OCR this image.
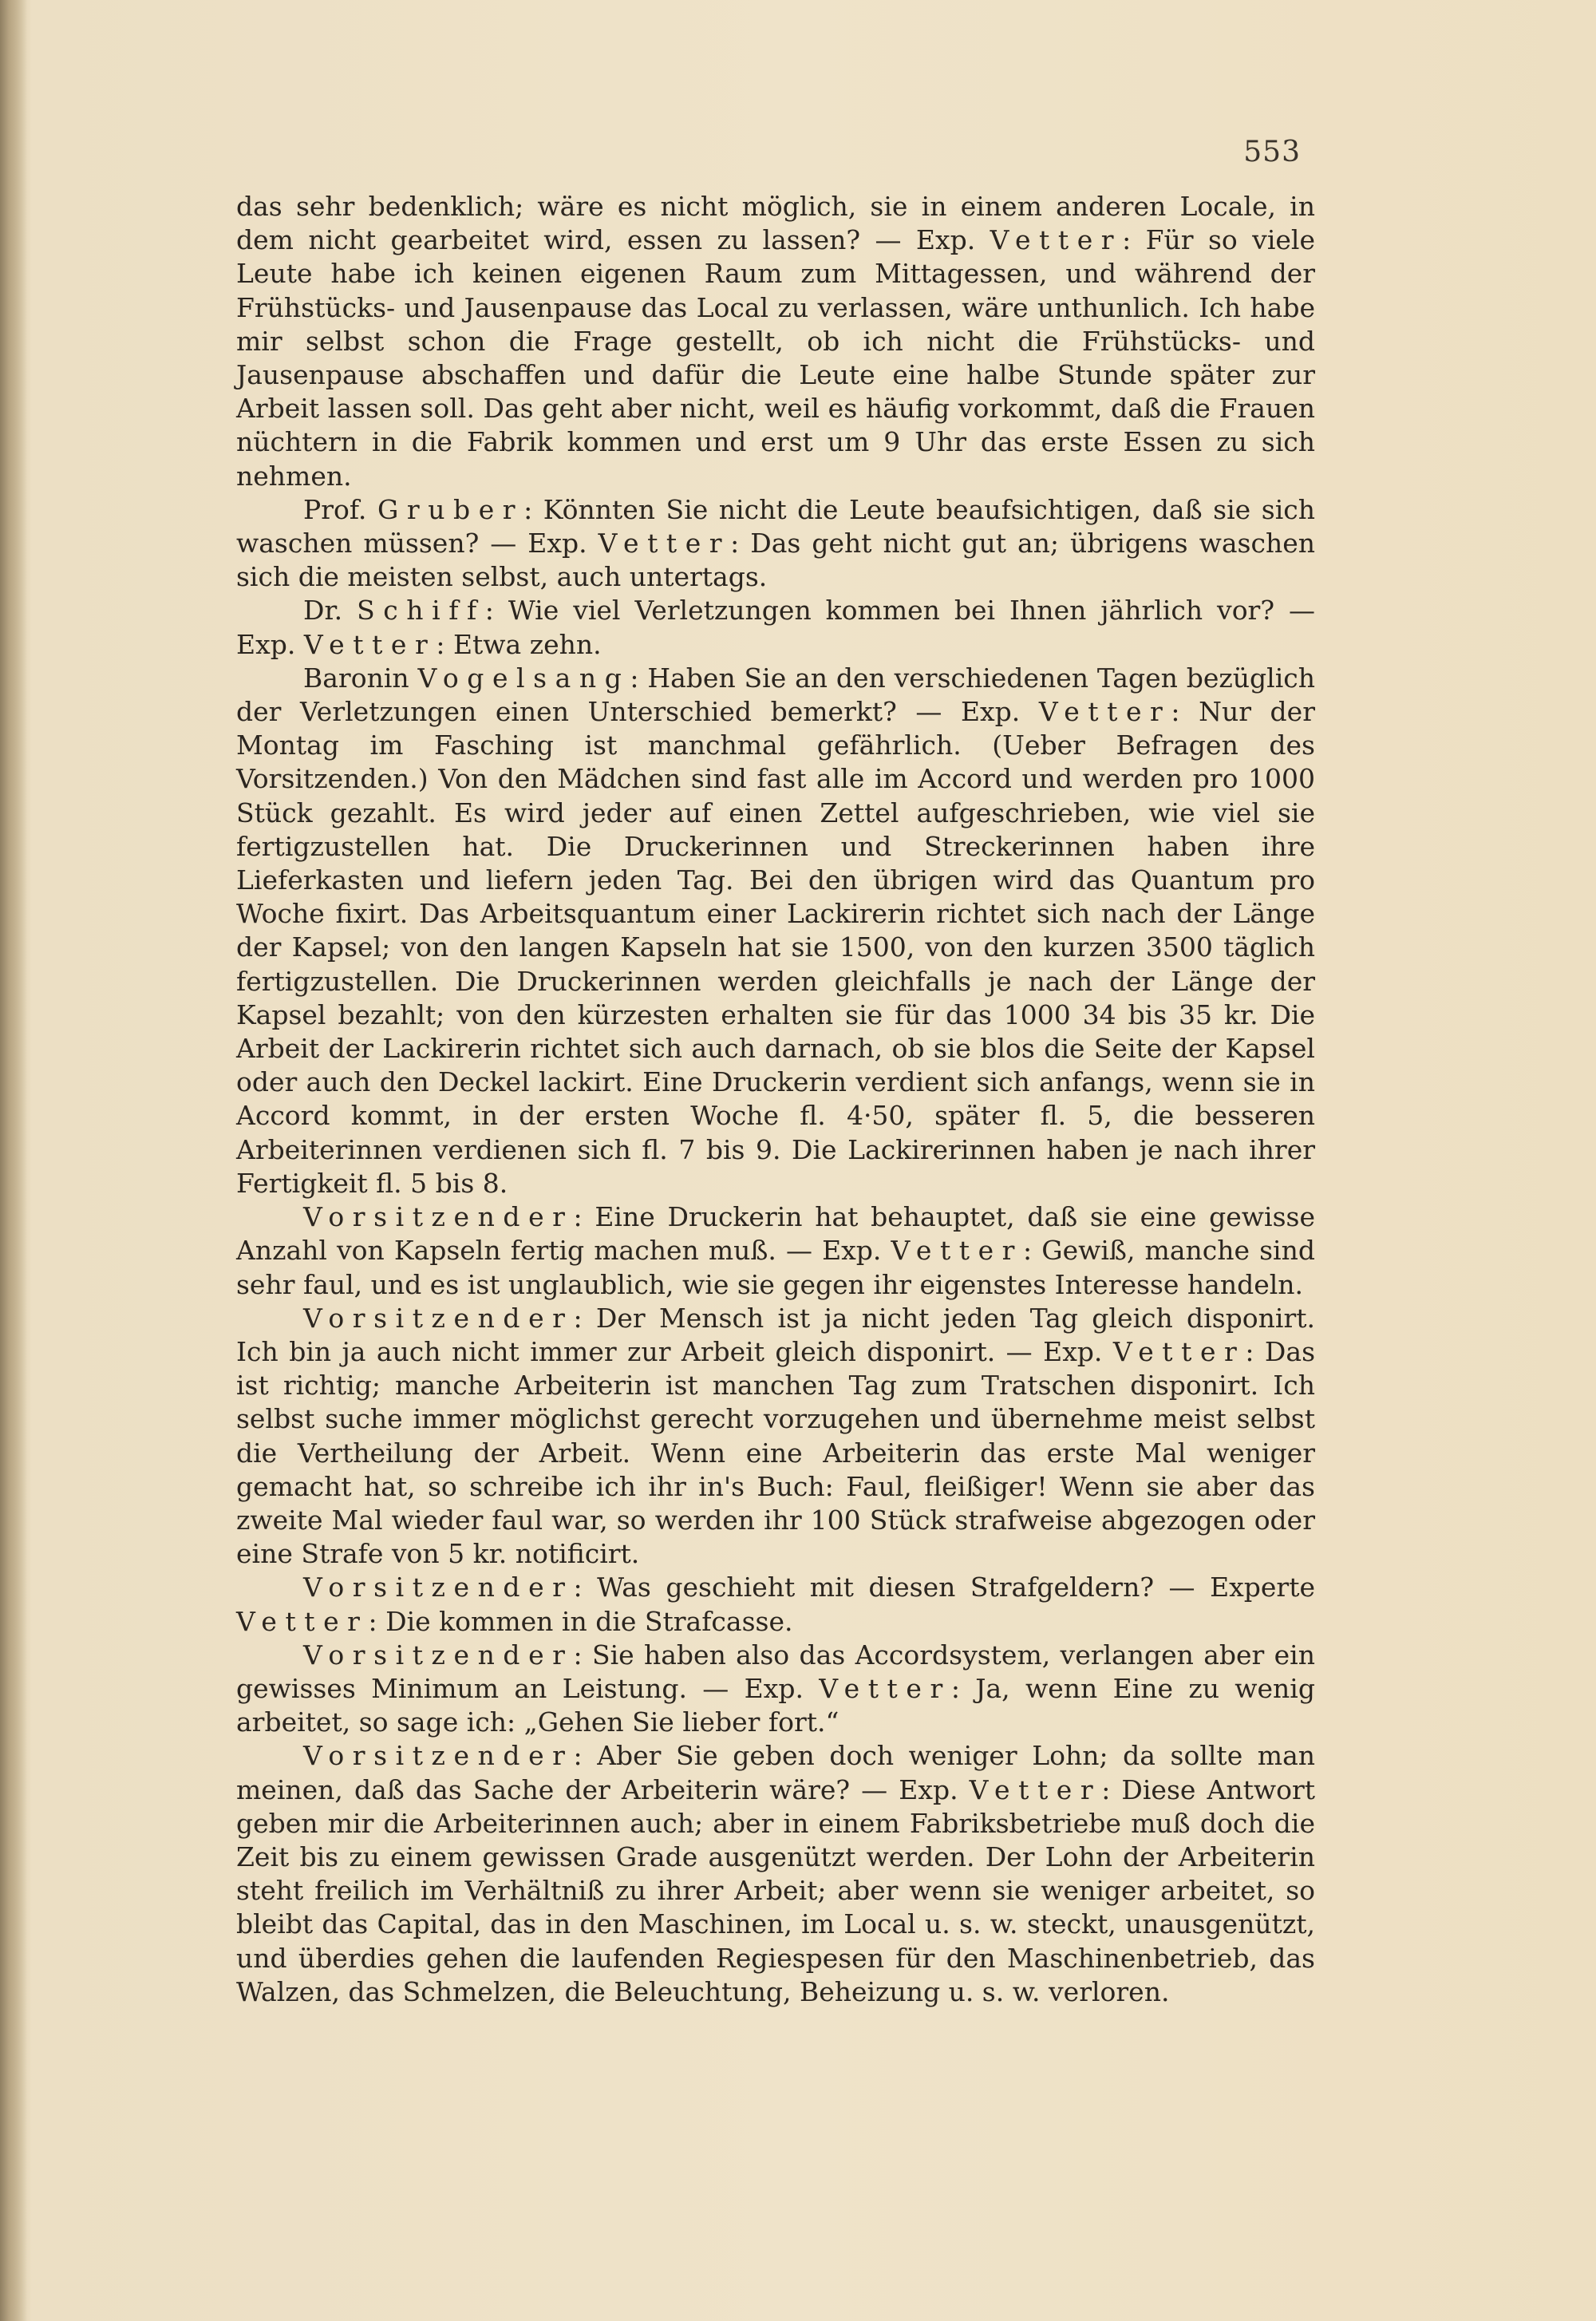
553

das sehr bedenklich; wäre es nicht möglich, sie in einem anderen Locale, in dem nicht gearbeitet wird, essen zu lassen? — Exp. Vetter: Für so viele Leute habe ich keinen eigenen Raum zum Mittagessen, und während der Frühstücks- und Jausenpause das Local zu verlassen, wäre unthunlich. Ich habe mir selbst schon die Frage gestellt, ob ich nicht die Frühstücks- und Jausenpause abschaffen und dafür die Leute eine halbe Stunde später zur Arbeit lassen soll. Das geht aber nicht, weil es häufig vorkommt, daß die Frauen nüchtern in die Fabrik kommen und erst um 9 Uhr das erste Essen zu sich nehmen.

Prof. Gruber: Könnten Sie nicht die Leute beaufsichtigen, daß sie sich waschen müssen? — Exp. Vetter: Das geht nicht gut an; übrigens waschen sich die meisten selbst, auch untertags.

Dr. Schiff: Wie viel Verletzungen kommen bei Ihnen jährlich vor? — Exp. Vetter: Etwa zehn.

Baronin Vogelsang: Haben Sie an den verschiedenen Tagen bezüglich der Verletzungen einen Unterschied bemerkt? — Exp. Vetter: Nur der Montag im Fasching ist manchmal gefährlich. (Ueber Befragen des Vorsitzenden.) Von den Mädchen sind fast alle im Accord und werden pro 1000 Stück gezahlt. Es wird jeder auf einen Zettel aufgeschrieben, wie viel sie fertigzustellen hat. Die Druckerinnen und Streckerinnen haben ihre Lieferkasten und liefern jeden Tag. Bei den übrigen wird das Quantum pro Woche fixirt. Das Arbeitsquantum einer Lackirerin richtet sich nach der Länge der Kapsel; von den langen Kapseln hat sie 1500, von den kurzen 3500 täglich fertigzustellen. Die Druckerinnen werden gleichfalls je nach der Länge der Kapsel bezahlt; von den kürzesten erhalten sie für das 1000 34 bis 35 kr. Die Arbeit der Lackirerin richtet sich auch darnach, ob sie blos die Seite der Kapsel oder auch den Deckel lackirt. Eine Druckerin verdient sich anfangs, wenn sie in Accord kommt, in der ersten Woche fl. 4·50, später fl. 5, die besseren Arbeiterinnen verdienen sich fl. 7 bis 9. Die Lackirerinnen haben je nach ihrer Fertigkeit fl. 5 bis 8.

Vorsitzender: Eine Druckerin hat behauptet, daß sie eine gewisse Anzahl von Kapseln fertig machen muß. — Exp. Vetter: Gewiß, manche sind sehr faul, und es ist unglaublich, wie sie gegen ihr eigenstes Interesse handeln.

Vorsitzender: Der Mensch ist ja nicht jeden Tag gleich disponirt. Ich bin ja auch nicht immer zur Arbeit gleich disponirt. — Exp. Vetter: Das ist richtig; manche Arbeiterin ist manchen Tag zum Tratschen disponirt. Ich selbst suche immer möglichst gerecht vorzugehen und übernehme meist selbst die Vertheilung der Arbeit. Wenn eine Arbeiterin das erste Mal weniger gemacht hat, so schreibe ich ihr in's Buch: Faul, fleißiger! Wenn sie aber das zweite Mal wieder faul war, so werden ihr 100 Stück strafweise abgezogen oder eine Strafe von 5 kr. notificirt.

Vorsitzender: Was geschieht mit diesen Strafgeldern? — Experte Vetter: Die kommen in die Strafcasse.

Vorsitzender: Sie haben also das Accordsystem, verlangen aber ein gewisses Minimum an Leistung. — Exp. Vetter: Ja, wenn Eine zu wenig arbeitet, so sage ich: „Gehen Sie lieber fort.“

Vorsitzender: Aber Sie geben doch weniger Lohn; da sollte man meinen, daß das Sache der Arbeiterin wäre? — Exp. Vetter: Diese Antwort geben mir die Arbeiterinnen auch; aber in einem Fabriksbetriebe muß doch die Zeit bis zu einem gewissen Grade ausgenützt werden. Der Lohn der Arbeiterin steht freilich im Verhältniß zu ihrer Arbeit; aber wenn sie weniger arbeitet, so bleibt das Capital, das in den Maschinen, im Local u. s. w. steckt, unausgenützt, und überdies gehen die laufenden Regiespesen für den Maschinenbetrieb, das Walzen, das Schmelzen, die Beleuchtung, Beheizung u. s. w. verloren.
